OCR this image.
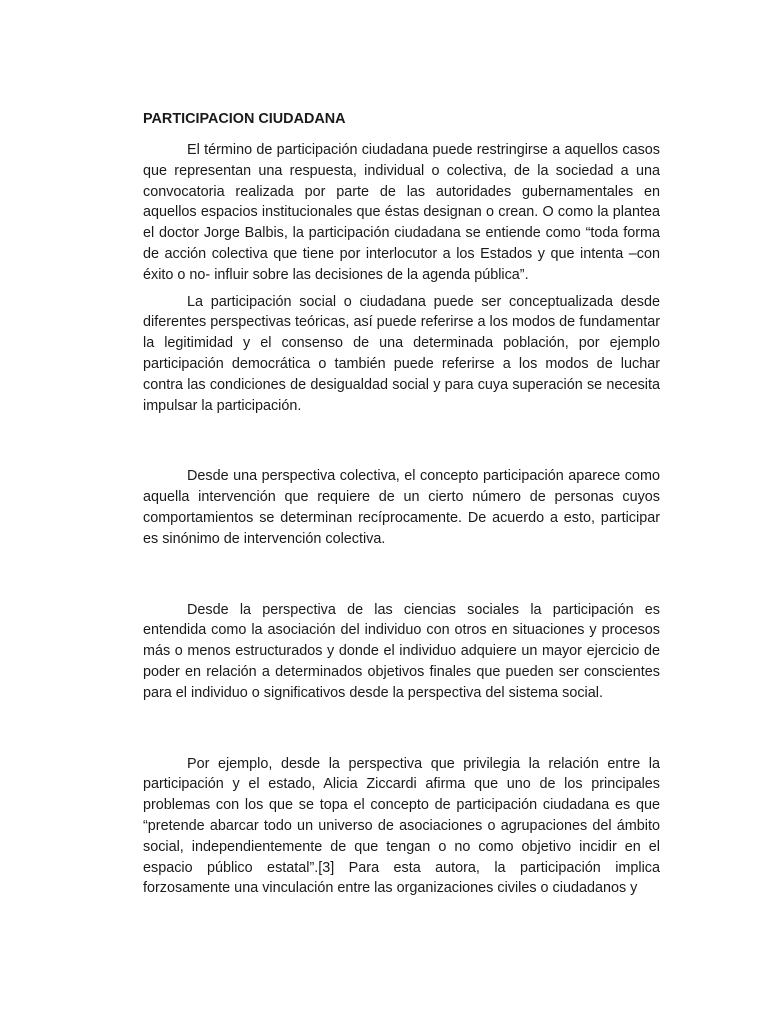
PARTICIPACION CIUDADANA

El término de participación ciudadana puede restringirse a aquellos casos que representan una respuesta, individual o colectiva, de la sociedad a una convocatoria realizada por parte de las autoridades gubernamentales en aquellos espacios institucionales que éstas designan o crean. O como la plantea el doctor Jorge Balbis, la participación ciudadana se entiende como “toda forma de acción colectiva que tiene por interlocutor a los Estados y que intenta –con éxito o no- influir sobre las decisiones de la agenda pública”.

La participación social o ciudadana puede ser conceptualizada desde diferentes perspectivas teóricas, así puede referirse a los modos de fundamentar la legitimidad y el consenso de una determinada población, por ejemplo participación democrática o también puede referirse a los modos de luchar contra las condiciones de desigualdad social y para cuya superación se necesita impulsar la participación.

Desde una perspectiva colectiva, el concepto participación aparece como aquella intervención que requiere de un cierto número de personas cuyos comportamientos se determinan recíprocamente. De acuerdo a esto, participar es sinónimo de intervención colectiva.

Desde la perspectiva de las ciencias sociales la participación es entendida como la asociación del individuo con otros en situaciones y procesos más o menos estructurados y donde el individuo adquiere un mayor ejercicio de poder en relación a determinados objetivos finales que pueden ser conscientes para el individuo o significativos desde la perspectiva del sistema social.

Por ejemplo, desde la perspectiva que privilegia la relación entre la participación y el estado, Alicia Ziccardi afirma que uno de los principales problemas con los que se topa el concepto de participación ciudadana es que “pretende abarcar todo un universo de asociaciones o agrupaciones del ámbito social, independientemente de que tengan o no como objetivo incidir en el espacio público estatal”.[3] Para esta autora, la participación implica forzosamente una vinculación entre las organizaciones civiles o ciudadanos y
